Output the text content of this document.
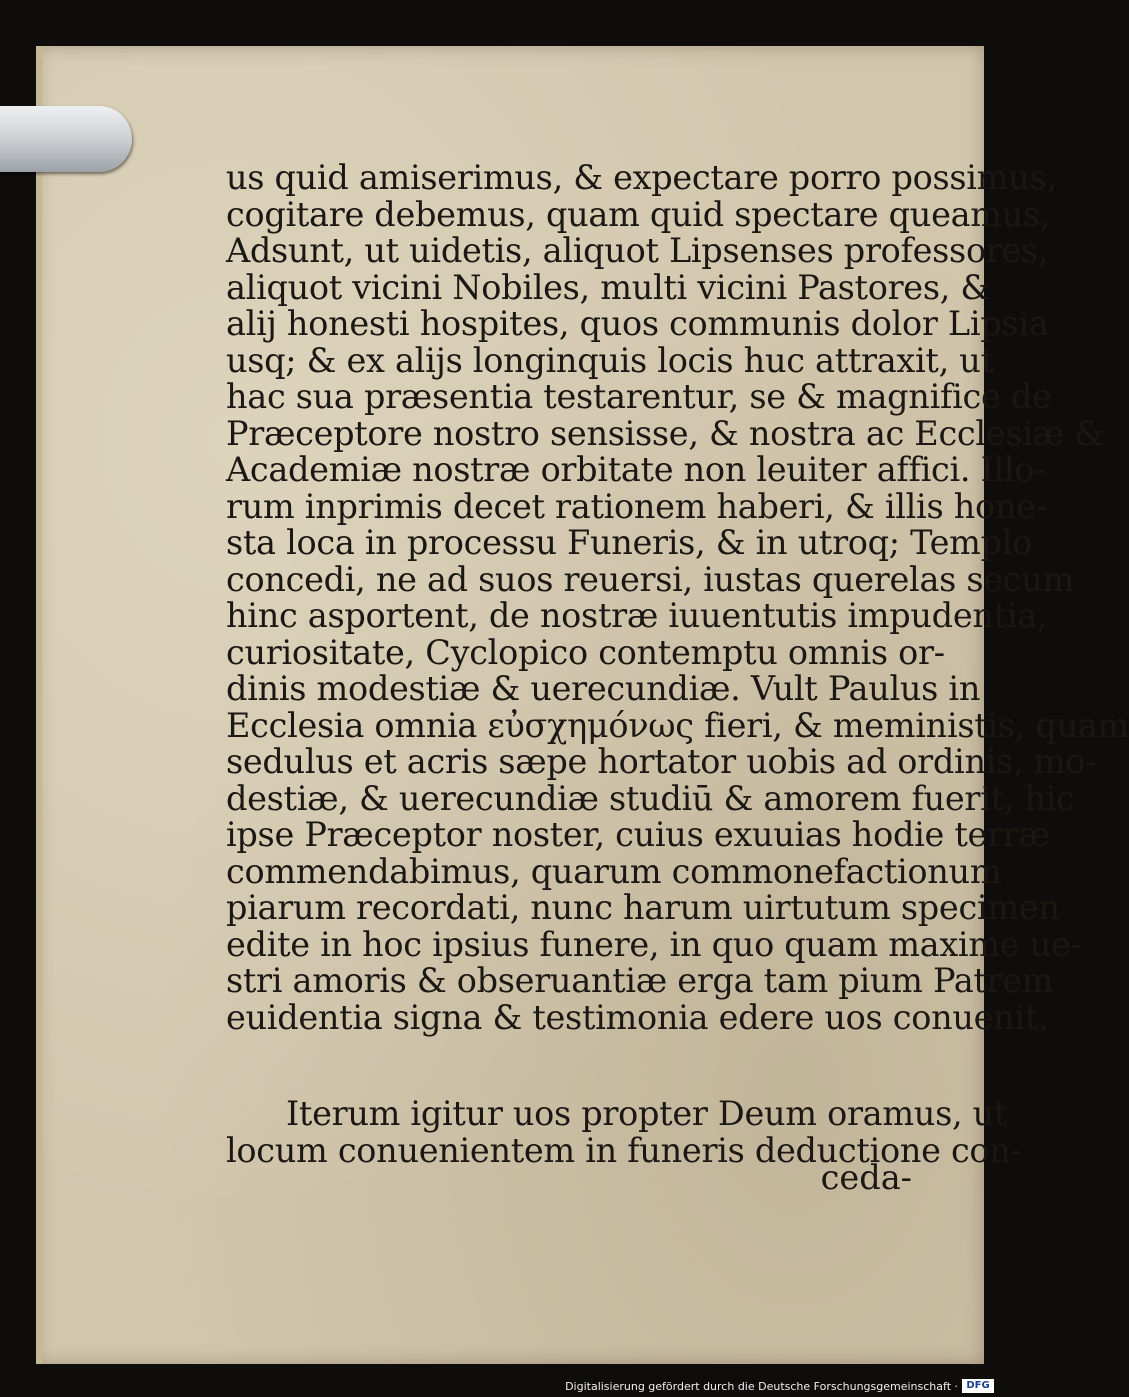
us quid amiserimus, & expectare porro possimus,
cogitare debemus, quam quid spectare queamus,
Adsunt, ut uidetis, aliquot Lipsenses professores,
aliquot vicini Nobiles, multi vicini Pastores, &
alij honesti hospites, quos communis dolor Lipsia
usq; & ex alijs longinquis locis huc attraxit, ut
hac sua præsentia testarentur, se & magnifice de
Præceptore nostro sensisse, & nostra ac Ecclesiæ &
Academiæ nostræ orbitate non leuiter affici. Illo-
rum inprimis decet rationem haberi, & illis hone-
sta loca in processu Funeris, & in utroq; Templo
concedi, ne ad suos reuersi, iustas querelas secum
hinc asportent, de nostræ iuuentutis impudentia,
curiositate, Cyclopico contemptu omnis or-
dinis modestiæ & uerecundiæ. Vult Paulus in
Ecclesia omnia εὐσχημόνως fieri, & meministis, quam
sedulus et acris sæpe hortator uobis ad ordinis, mo-
destiæ, & uerecundiæ studiū & amorem fuerit, hic
ipse Præceptor noster, cuius exuuias hodie terræ
commendabimus, quarum commonefactionum
piarum recordati, nunc harum uirtutum specimen
edite in hoc ipsius funere, in quo quam maxime ue-
stri amoris & obseruantiæ erga tam pium Patrem
euidentia signa & testimonia edere uos conuenit.
Iterum igitur uos propter Deum oramus, ut
locum conuenientem in funeris deductione con-
ceda-
Digitalisierung gefördert durch die Deutsche Forschungsgemeinschaft · DFG
